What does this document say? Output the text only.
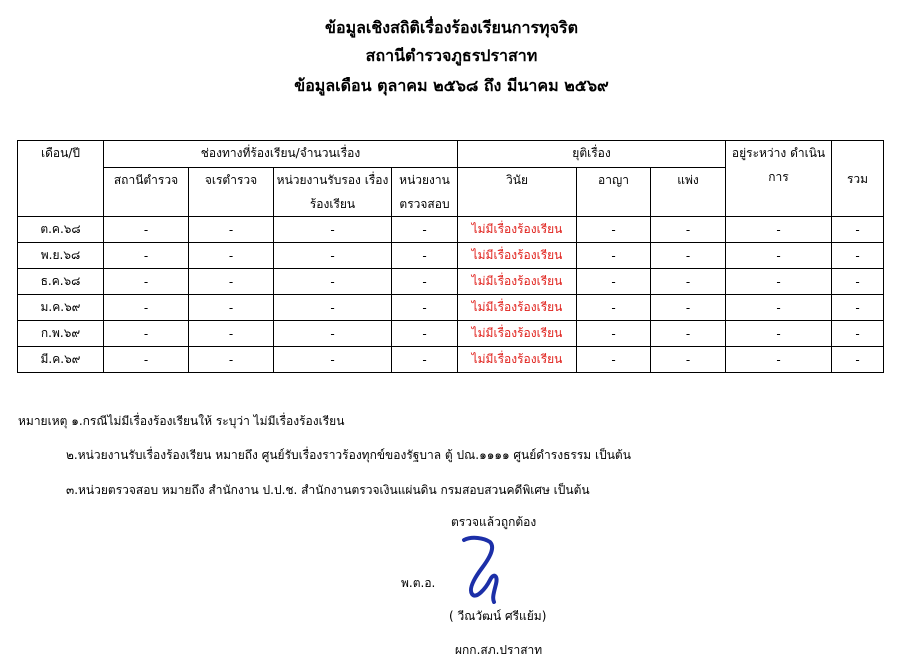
ข้อมูลเชิงสถิติเรื่องร้องเรียนการทุจริต
สถานีตำรวจภูธรปราสาท
ข้อมูลเดือน ตุลาคม ๒๕๖๘ ถึง มีนาคม ๒๕๖๙
เดือน/ปี	ช่องทางที่ร้องเรียน/จำนวนเรื่อง				ยุติเรื่อง			อยู่ระหว่าง ดำเนินการ	รวม
	สถานีตำรวจ	จเรตำรวจ	หน่วยงานรับรอง เรื่องร้องเรียน	หน่วยงาน ตรวจสอบ	วินัย	อาญา	แพ่ง		
ต.ค.๖๘	-	-	-	-	ไม่มีเรื่องร้องเรียน	-	-	-	-
พ.ย.๖๘	-	-	-	-	ไม่มีเรื่องร้องเรียน	-	-	-	-
ธ.ค.๖๘	-	-	-	-	ไม่มีเรื่องร้องเรียน	-	-	-	-
ม.ค.๖๙	-	-	-	-	ไม่มีเรื่องร้องเรียน	-	-	-	-
ก.พ.๖๙	-	-	-	-	ไม่มีเรื่องร้องเรียน	-	-	-	-
มี.ค.๖๙	-	-	-	-	ไม่มีเรื่องร้องเรียน	-	-	-	-
หมายเหตุ ๑.กรณีไม่มีเรื่องร้องเรียนให้ ระบุว่า ไม่มีเรื่องร้องเรียน
๒.หน่วยงานรับเรื่องร้องเรียน หมายถึง ศูนย์รับเรื่องราวร้องทุกข์ของรัฐบาล ตู้ ปณ.๑๑๑๑ ศูนย์ดำรงธรรม เป็นต้น
๓.หน่วยตรวจสอบ หมายถึง สำนักงาน ป.ป.ช. สำนักงานตรวจเงินแผ่นดิน กรมสอบสวนคดีพิเศษ เป็นต้น
ตรวจแล้วถูกต้อง
พ.ต.อ.
( วีณวัฒน์ ศรีแย้ม)
ผกก.สภ.ปราสาท
